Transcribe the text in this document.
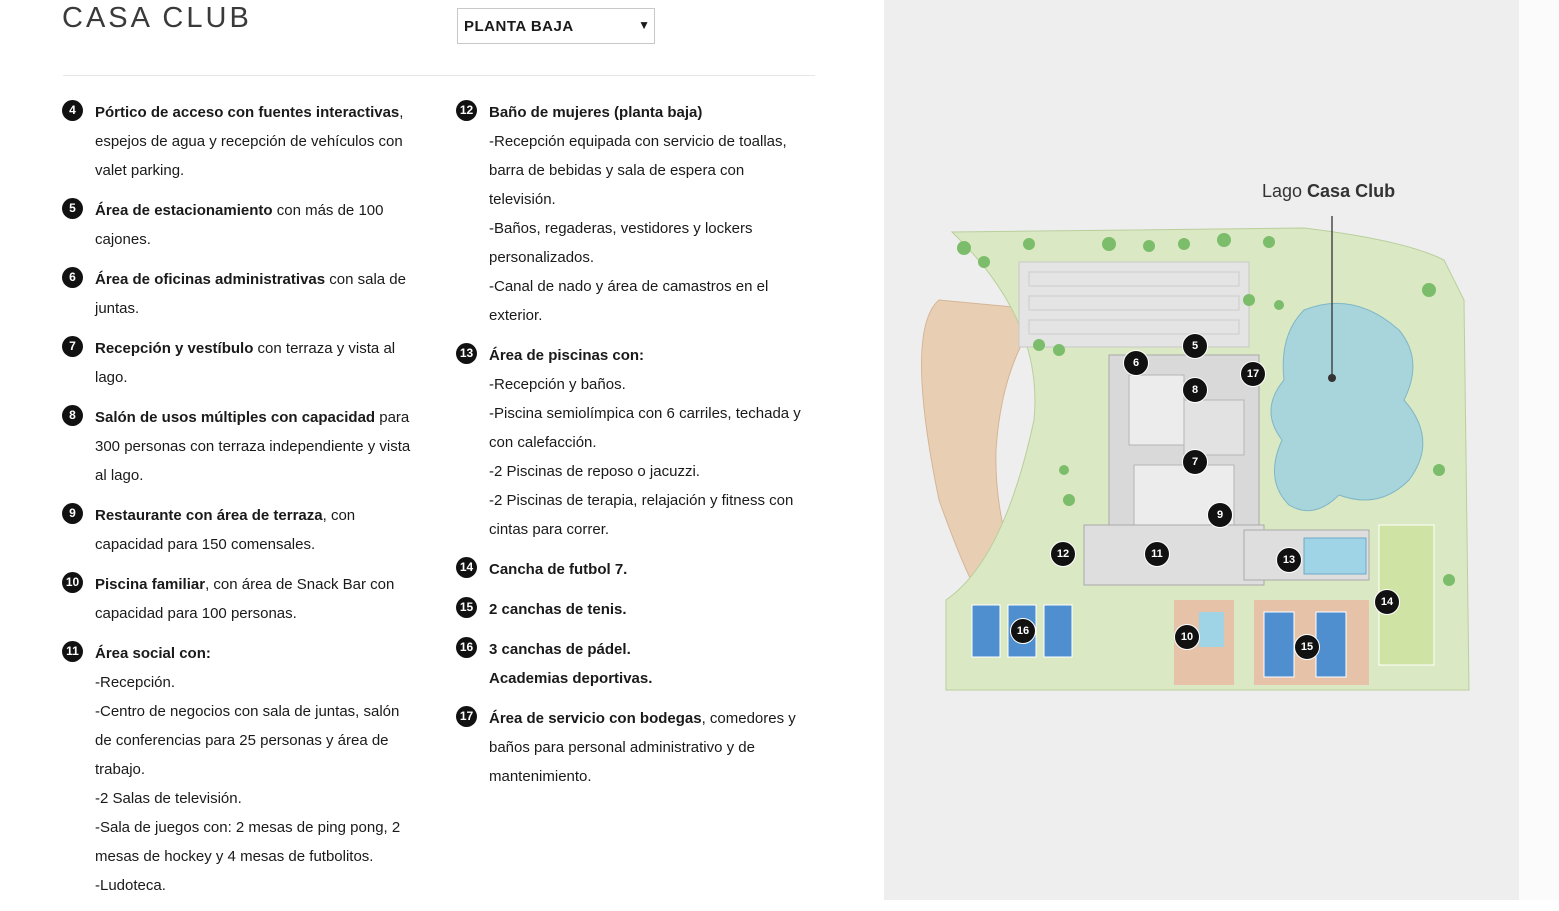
CASA CLUB	PLANTA BAJA	▼
4	Pórtico de acceso con fuentes interactivas,
espejos de agua y recepción de vehículos con
valet parking.
5	Área de estacionamiento con más de 100
cajones.
6	Área de oficinas administrativas con sala de
juntas.
7	Recepción y vestíbulo con terraza y vista al
lago.
8	Salón de usos múltiples con capacidad para
300 personas con terraza independiente y vista
al lago.
9	Restaurante con área de terraza, con
capacidad para 150 comensales.
10 Piscina familiar, con área de Snack Bar con
capacidad para 100 personas.
11 Área social con:
-Recepción.
-Centro de negocios con sala de juntas, salón
de conferencias para 25 personas y área de
trabajo.
-2 Salas de televisión.
-Sala de juegos con: 2 mesas de ping pong, 2
mesas de hockey y 4 mesas de futbolitos.
-Ludoteca.
12 Baño de mujeres (planta baja)
-Recepción equipada con servicio de toallas,
barra de bebidas y sala de espera con
televisión.
-Baños, regaderas, vestidores y lockers
personalizados.
-Canal de nado y área de camastros en el
exterior.
13 Área de piscinas con:
-Recepción y baños.
-Piscina semiolímpica con 6 carriles, techada y
con calefacción.
-2 Piscinas de reposo o jacuzzi.
-2 Piscinas de terapia, relajación y fitness con
cintas para correr.
14 Cancha de futbol 7.
15 2 canchas de tenis.
16 3 canchas de pádel.
Academias deportivas.
17 Área de servicio con bodegas, comedores y
baños para personal administrativo y de
mantenimiento.
Lago Casa Club
5
6
17
8
7
9
11
12	13
14
16	10
15
